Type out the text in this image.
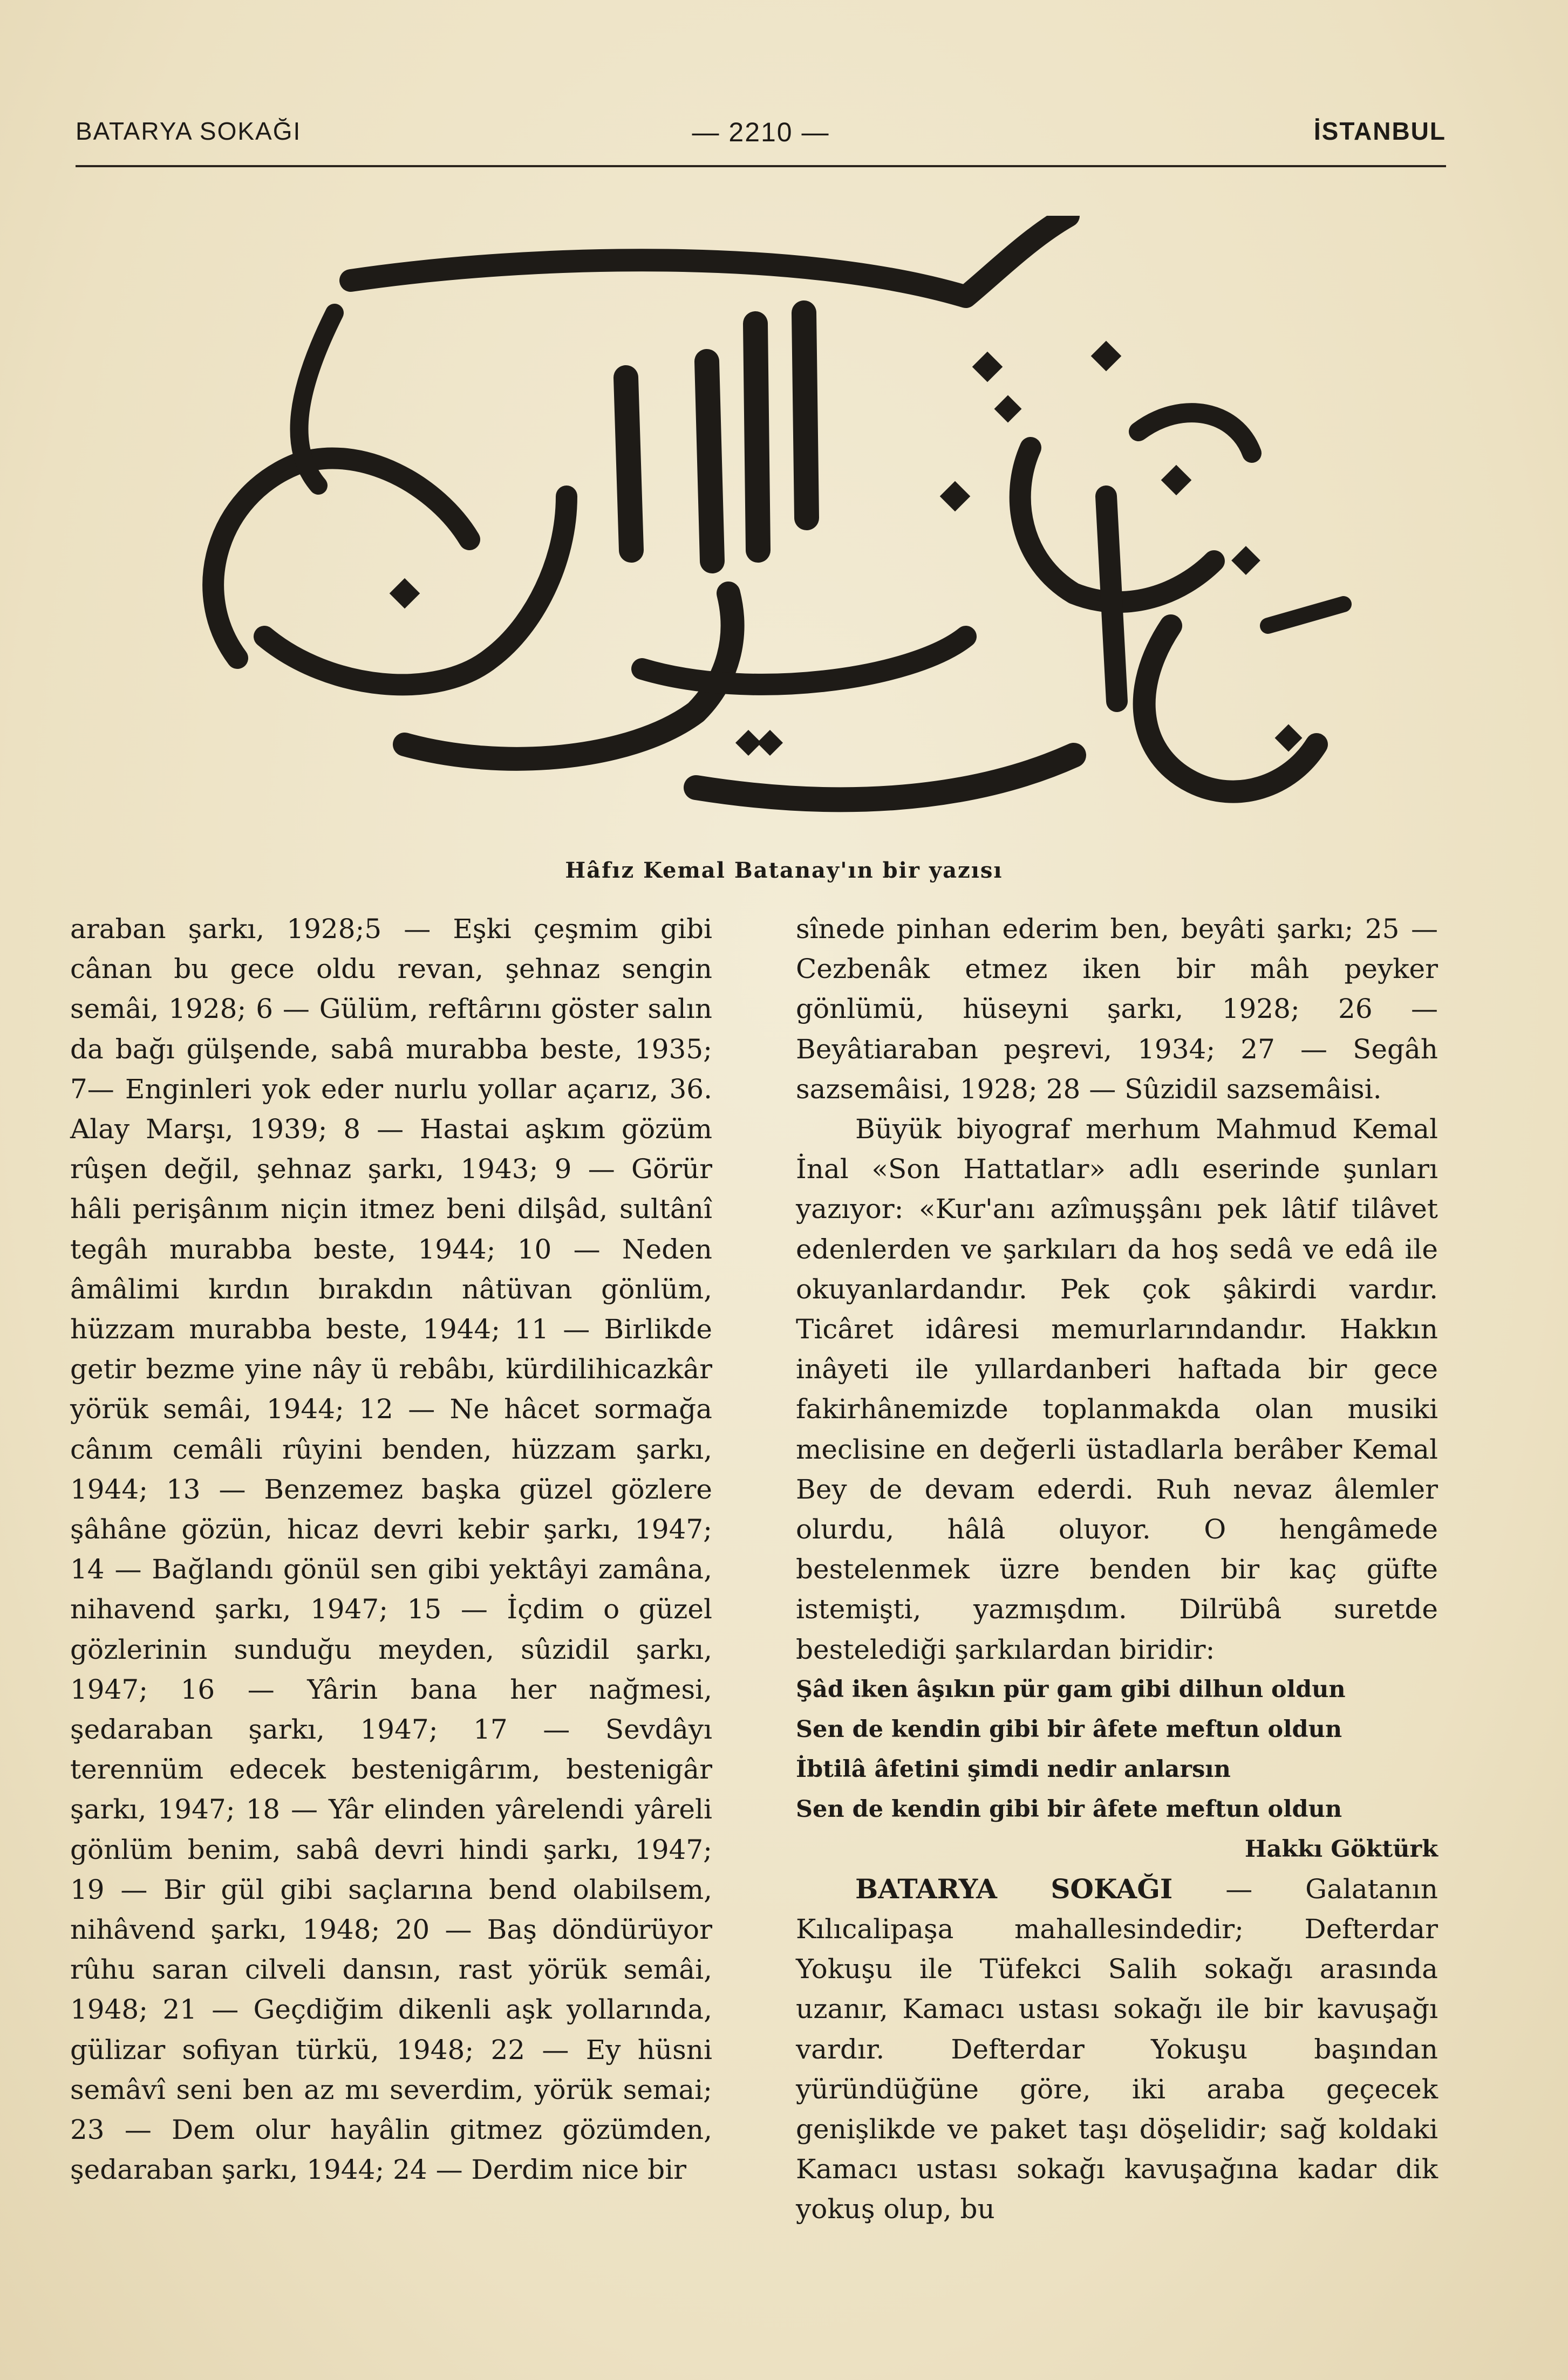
BATARYA SOKAĞI	— 2210 —	İSTANBUL
Hâfız Kemal Batanay'ın bir yazısı

araban şarkı, 1928;5 — Eşki çeşmim gibi cânan bu gece oldu revan, şehnaz sengin semâi, 1928; 6 — Gülüm, reftârını göster salın da bağı gülşende, sabâ murabba beste, 1935; 7— Enginleri yok eder nurlu yollar açarız, 36. Alay Marşı, 1939; 8 — Hastai aşkım gözüm rûşen değil, şehnaz şarkı, 1943; 9 — Görür hâli perişânım niçin itmez beni dilşâd, sultânî tegâh murabba beste, 1944; 10 — Neden âmâlimi kırdın bırakdın nâtüvan gönlüm, hüzzam murabba beste, 1944; 11 — Birlikde getir bezme yine nây ü rebâbı, kürdilihicazkâr yörük semâi, 1944; 12 — Ne hâcet sormağa cânım cemâli rûyini benden, hüzzam şarkı, 1944; 13 — Benzemez başka güzel gözlere şâhâne gözün, hicaz devri kebir şarkı, 1947; 14 — Bağlandı gönül sen gibi yektâyi zamâna, nihavend şarkı, 1947; 15 — İçdim o güzel gözlerinin sunduğu meyden, sûzidil şarkı, 1947; 16 — Yârin bana her nağmesi, şedaraban şarkı, 1947; 17 — Sevdâyı terennüm edecek bestenigârım, bestenigâr şarkı, 1947; 18 — Yâr elinden yârelendi yâreli gönlüm benim, sabâ devri hindi şarkı, 1947; 19 — Bir gül gibi saçlarına bend olabilsem, nihâvend şarkı, 1948; 20 — Baş döndürüyor rûhu saran cilveli dansın, rast yörük semâi, 1948; 21 — Geçdiğim dikenli aşk yollarında, gülizar sofiyan türkü, 1948; 22 — Ey hüsni semâvî seni ben az mı severdim, yörük semai; 23 — Dem olur hayâlin gitmez gözümden, şedaraban şarkı, 1944; 24 — Derdim nice bir

sînede pinhan ederim ben, beyâti şarkı; 25 — Cezbenâk etmez iken bir mâh peyker gönlümü, hüseyni şarkı, 1928; 26 — Beyâtiaraban peşrevi, 1934; 27 — Segâh sazsemâisi, 1928; 28 — Sûzidil sazsemâisi.

Büyük biyograf merhum Mahmud Kemal İnal «Son Hattatlar» adlı eserinde şunları yazıyor: «Kur'anı azîmuşşânı pek lâtif tilâvet edenlerden ve şarkıları da hoş sedâ ve edâ ile okuyanlardandır. Pek çok şâkirdi vardır. Ticâret idâresi memurlarındandır. Hakkın inâyeti ile yıllardanberi haftada bir gece fakirhânemizde toplanmakda olan musiki meclisine en değerli üstadlarla berâber Kemal Bey de devam ederdi. Ruh nevaz âlemler olurdu, hâlâ oluyor. O hengâmede bestelenmek üzre benden bir kaç güfte istemişti, yazmışdım. Dilrübâ suretde bestelediği şarkılardan biridir:

Şâd iken âşıkın pür gam gibi dilhun oldun

Sen de kendin gibi bir âfete meftun oldun

İbtilâ âfetini şimdi nedir anlarsın

Sen de kendin gibi bir âfete meftun oldun

Hakkı Göktürk

BATARYA SOKAĞI — Galatanın Kılıcalipaşa mahallesindedir; Defterdar Yokuşu ile Tüfekci Salih sokağı arasında uzanır, Kamacı ustası sokağı ile bir kavuşağı vardır. Defterdar Yokuşu başından yüründüğüne göre, iki araba geçecek genişlikde ve paket taşı döşelidir; sağ koldaki Kamacı ustası sokağı kavuşağına kadar dik yokuş olup, bu
